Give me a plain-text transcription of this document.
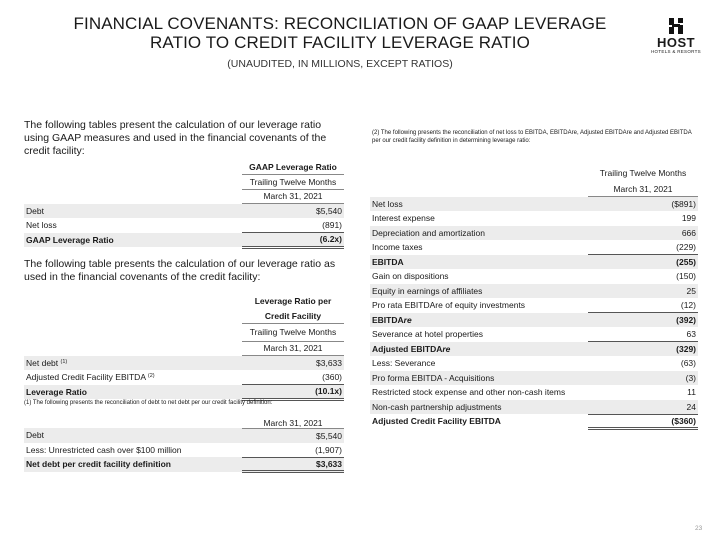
FINANCIAL COVENANTS: RECONCILIATION OF GAAP LEVERAGE
RATIO TO CREDIT FACILITY LEVERAGE RATIO
(UNAUDITED, IN MILLIONS, EXCEPT RATIOS)
HOST
HOTELS & RESORTS
The following tables present the calculation of our leverage ratio using GAAP measures and used in the financial covenants of the credit facility:
	GAAP Leverage Ratio
	Trailing Twelve Months
	March 31, 2021
Debt	$5,540
Net loss	(891)
GAAP Leverage Ratio	(6.2x)
The following table presents the calculation of our leverage ratio as used in the financial covenants of the credit facility:
	Leverage Ratio per
	Credit Facility
	Trailing Twelve Months
	March 31, 2021
Net debt $^{(1)}$	$3,633
Adjusted Credit Facility EBITDA $^{(2)}$	(360)
Leverage Ratio	(10.1x)
(1) The following presents the reconciliation of debt to net debt per our credit facility definition:
	March 31, 2021
Debt	$5,540
Less: Unrestricted cash over $100 million	(1,907)
Net debt per credit facility definition	$3,633
(2) The following presents the reconciliation of net loss to EBITDA, EBITDAre, Adjusted EBITDAre and Adjusted EBITDA per our credit facility definition in determining leverage ratio:
	Trailing Twelve Months
	March 31, 2021
Net loss	($891)
Interest expense	199
Depreciation and amortization	666
Income taxes	(229)
EBITDA	(255)
Gain on dispositions	(150)
Equity in earnings of affiliates	25
Pro rata EBITDAre of equity investments	(12)
EBITDAre	(392)
Severance at hotel properties	63
Adjusted EBITDAre	(329)
Less: Severance	(63)
Pro forma EBITDA - Acquisitions	(3)
Restricted stock expense and other non-cash items	11
Non-cash partnership adjustments	24
Adjusted Credit Facility EBITDA	($360)
23
